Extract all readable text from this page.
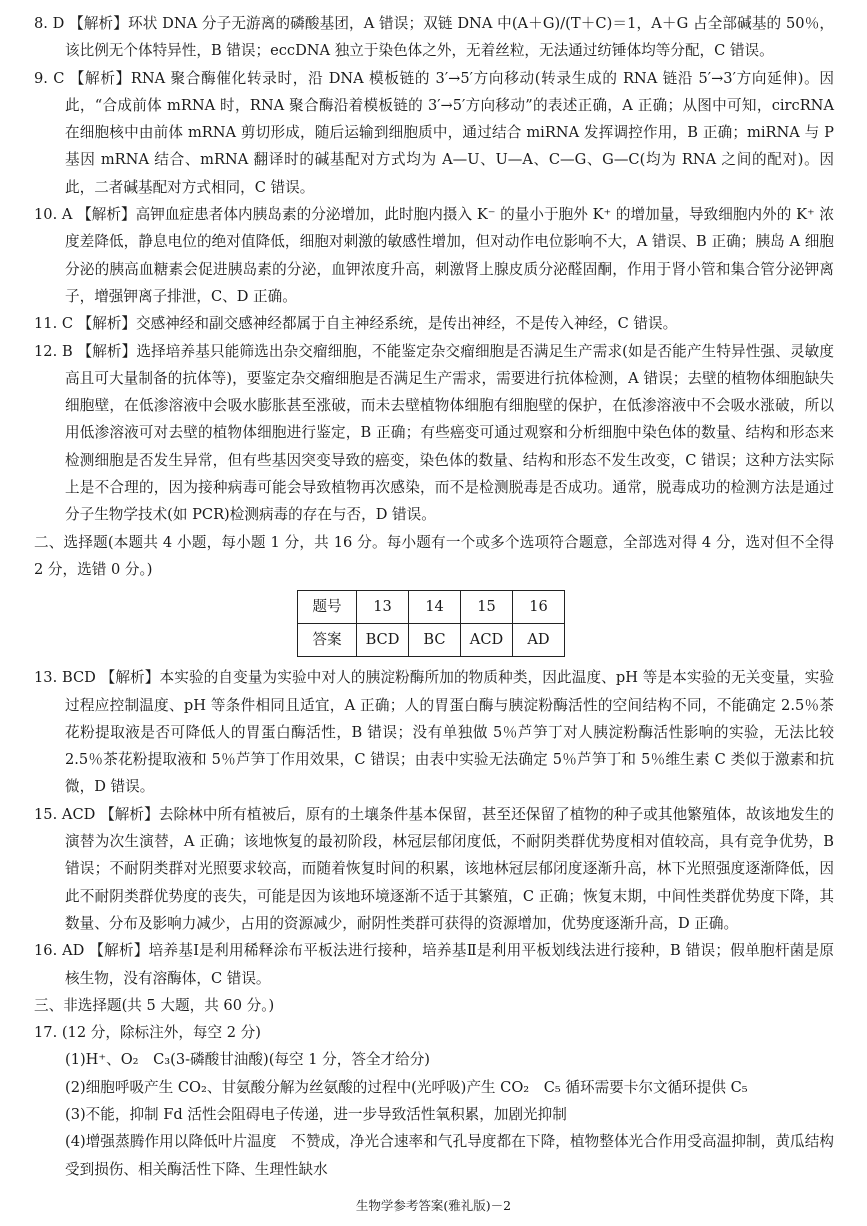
8. D 【解析】环状 DNA 分子无游离的磷酸基团，A 错误；双链 DNA 中(A＋G)/(T＋C)＝1，A＋G 占全部碱基的 50％，该比例无个体特异性，B 错误；eccDNA 独立于染色体之外，无着丝粒，无法通过纺锤体均等分配，C 错误。

9. C 【解析】RNA 聚合酶催化转录时，沿 DNA 模板链的 3′→5′方向移动(转录生成的 RNA 链沿 5′→3′方向延伸)。因此，“合成前体 mRNA 时，RNA 聚合酶沿着模板链的 3′→5′方向移动”的表述正确，A 正确；从图中可知，circRNA 在细胞核中由前体 mRNA 剪切形成，随后运输到细胞质中，通过结合 miRNA 发挥调控作用，B 正确；miRNA 与 P 基因 mRNA 结合、mRNA 翻译时的碱基配对方式均为 A—U、U—A、C—G、G—C(均为 RNA 之间的配对)。因此，二者碱基配对方式相同，C 错误。

10. A 【解析】高钾血症患者体内胰岛素的分泌增加，此时胞内摄入 K⁻ 的量小于胞外 K⁺ 的增加量，导致细胞内外的 K⁺ 浓度差降低，静息电位的绝对值降低，细胞对刺激的敏感性增加，但对动作电位影响不大，A 错误、B 正确；胰岛 A 细胞分泌的胰高血糖素会促进胰岛素的分泌，血钾浓度升高，刺激肾上腺皮质分泌醛固酮，作用于肾小管和集合管分泌钾离子，增强钾离子排泄，C、D 正确。

11. C 【解析】交感神经和副交感神经都属于自主神经系统，是传出神经，不是传入神经，C 错误。

12. B 【解析】选择培养基只能筛选出杂交瘤细胞，不能鉴定杂交瘤细胞是否满足生产需求(如是否能产生特异性强、灵敏度高且可大量制备的抗体等)，要鉴定杂交瘤细胞是否满足生产需求，需要进行抗体检测，A 错误；去壁的植物体细胞缺失细胞壁，在低渗溶液中会吸水膨胀甚至涨破，而未去壁植物体细胞有细胞壁的保护，在低渗溶液中不会吸水涨破，所以用低渗溶液可对去壁的植物体细胞进行鉴定，B 正确；有些癌变可通过观察和分析细胞中染色体的数量、结构和形态来检测细胞是否发生异常，但有些基因突变导致的癌变，染色体的数量、结构和形态不发生改变，C 错误；这种方法实际上是不合理的，因为接种病毒可能会导致植物再次感染，而不是检测脱毒是否成功。通常，脱毒成功的检测方法是通过分子生物学技术(如 PCR)检测病毒的存在与否，D 错误。

二、选择题(本题共 4 小题，每小题 1 分，共 16 分。每小题有一个或多个选项符合题意，全部选对得 4 分，选对但不全得 2 分，选错 0 分。)

题号	13	14	15	16
答案	BCD	BC	ACD	AD

13. BCD 【解析】本实验的自变量为实验中对人的胰淀粉酶所加的物质种类，因此温度、pH 等是本实验的无关变量，实验过程应控制温度、pH 等条件相同且适宜，A 正确；人的胃蛋白酶与胰淀粉酶活性的空间结构不同，不能确定 2.5％茶花粉提取液是否可降低人的胃蛋白酶活性，B 错误；没有单独做 5％芦笋丁对人胰淀粉酶活性影响的实验，无法比较 2.5％茶花粉提取液和 5％芦笋丁作用效果，C 错误；由表中实验无法确定 5％芦笋丁和 5％维生素 C 类似于激素和抗微，D 错误。

15. ACD 【解析】去除林中所有植被后，原有的土壤条件基本保留，甚至还保留了植物的种子或其他繁殖体，故该地发生的演替为次生演替，A 正确；该地恢复的最初阶段，林冠层郁闭度低，不耐阴类群优势度相对值较高，具有竞争优势，B 错误；不耐阴类群对光照要求较高，而随着恢复时间的积累，该地林冠层郁闭度逐渐升高，林下光照强度逐渐降低，因此不耐阴类群优势度的丧失，可能是因为该地环境逐渐不适于其繁殖，C 正确；恢复末期，中间性类群优势度下降，其数量、分布及影响力减少，占用的资源减少，耐阴性类群可获得的资源增加，优势度逐渐升高，D 正确。

16. AD 【解析】培养基Ⅰ是利用稀释涂布平板法进行接种，培养基Ⅱ是利用平板划线法进行接种，B 错误；假单胞杆菌是原核生物，没有溶酶体，C 错误。

三、非选择题(共 5 大题，共 60 分。)

17. (12 分，除标注外，每空 2 分)

(1)H⁺、O₂　C₃(3-磷酸甘油酸)(每空 1 分，答全才给分)

(2)细胞呼吸产生 CO₂、甘氨酸分解为丝氨酸的过程中(光呼吸)产生 CO₂　C₅ 循环需要卡尔文循环提供 C₅

(3)不能，抑制 Fd 活性会阻碍电子传递，进一步导致活性氧积累，加剧光抑制

(4)增强蒸腾作用以降低叶片温度　不赞成，净光合速率和气孔导度都在下降，植物整体光合作用受高温抑制，黄瓜结构受到损伤、相关酶活性下降、生理性缺水

生物学参考答案(雅礼版)－2
